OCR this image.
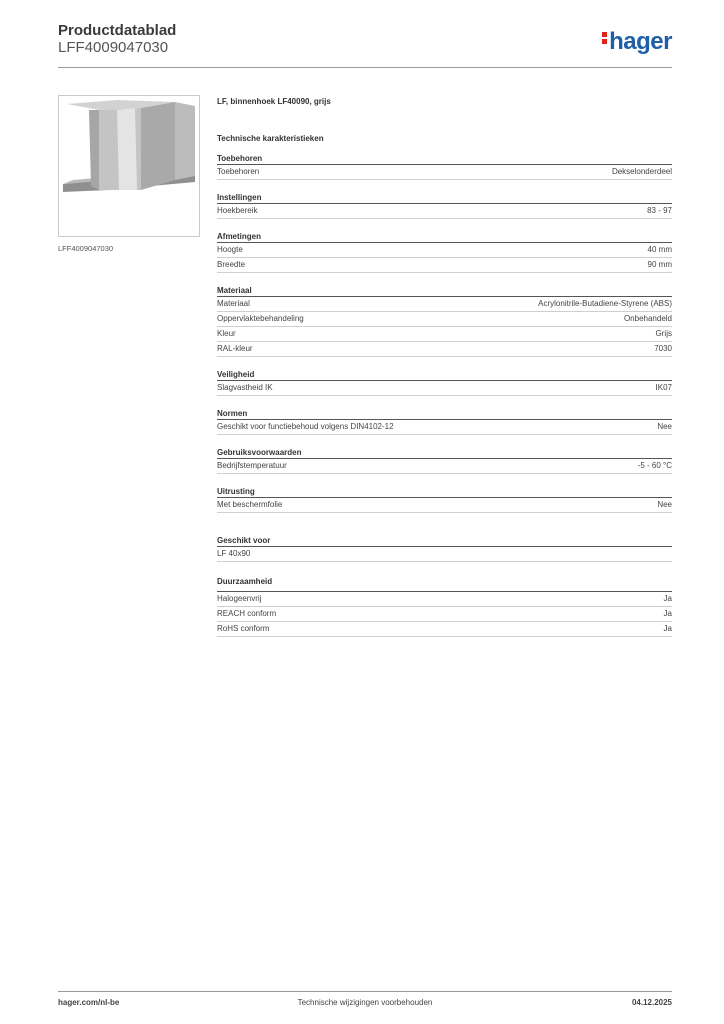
Productdatablad
LFF4009047030	hager
LFF4009047030
LF, binnenhoek LF40090, grijs
Technische karakteristieken
Toebehoren
Toebehoren	Dekselonderdeel
Instellingen
Hoekbereik	83 - 97
Afmetingen
Hoogte	40 mm
Breedte	90 mm
Materiaal
Materiaal	Acrylonitrile-Butadiene-Styrene (ABS)
Oppervlaktebehandeling	Onbehandeld
Kleur	Grijs
RAL-kleur	7030
Veiligheid
Slagvastheid IK	IK07
Normen
Geschikt voor functiebehoud volgens DIN4102-12	Nee
Gebruiksvoorwaarden
Bedrijfstemperatuur	-5 - 60 °C
Uitrusting
Met beschermfolie	Nee
Geschikt voor
LF 40x90
Duurzaamheid
Halogeenvrij	Ja
REACH conform	Ja
RoHS conform	Ja
hager.com/nl-be	Technische wijzigingen voorbehouden	04.12.2025
